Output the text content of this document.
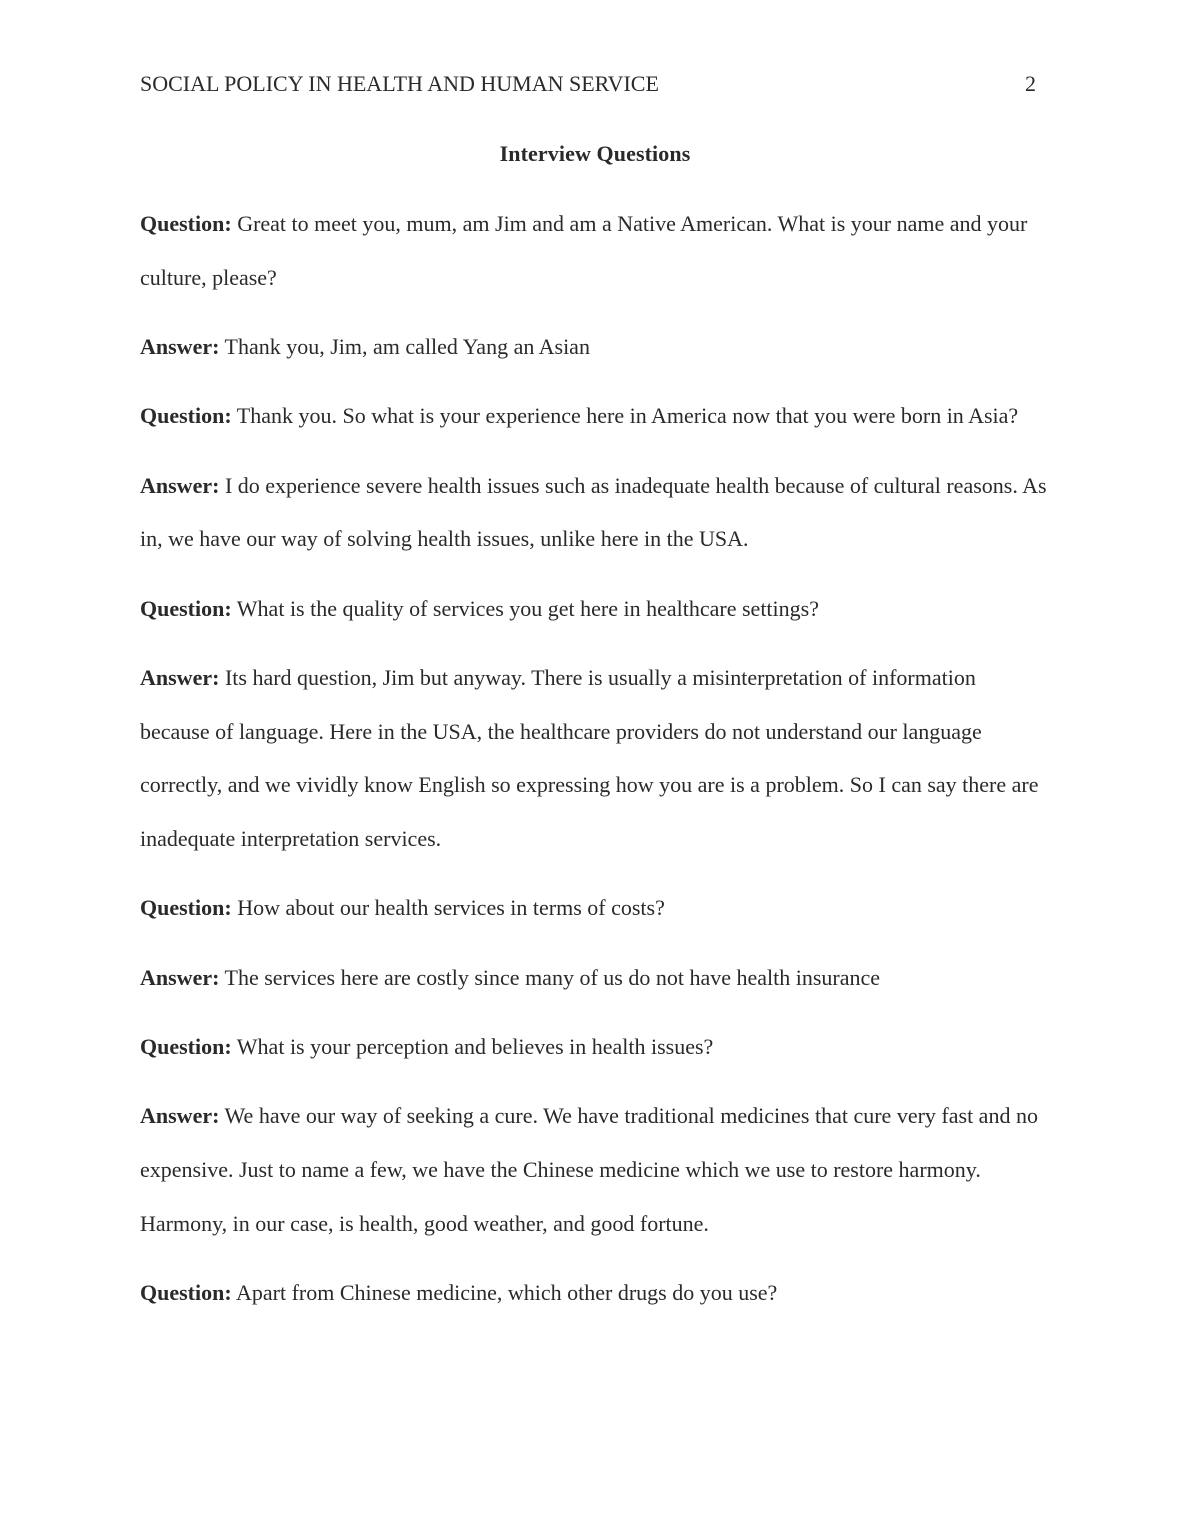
SOCIAL POLICY IN HEALTH AND HUMAN SERVICE	2
Interview Questions

Question: Great to meet you, mum, am Jim and am a Native American. What is your name and your culture, please?

Answer: Thank you, Jim, am called Yang an Asian

Question: Thank you. So what is your experience here in America now that you were born in Asia?

Answer: I do experience severe health issues such as inadequate health because of cultural reasons. As in, we have our way of solving health issues, unlike here in the USA.

Question: What is the quality of services you get here in healthcare settings?

Answer: Its hard question, Jim but anyway. There is usually a misinterpretation of information because of language. Here in the USA, the healthcare providers do not understand our language correctly, and we vividly know English so expressing how you are is a problem. So I can say there are inadequate interpretation services.

Question: How about our health services in terms of costs?

Answer: The services here are costly since many of us do not have health insurance

Question: What is your perception and believes in health issues?

Answer: We have our way of seeking a cure. We have traditional medicines that cure very fast and no expensive. Just to name a few, we have the Chinese medicine which we use to restore harmony. Harmony, in our case, is health, good weather, and good fortune.

Question: Apart from Chinese medicine, which other drugs do you use?
